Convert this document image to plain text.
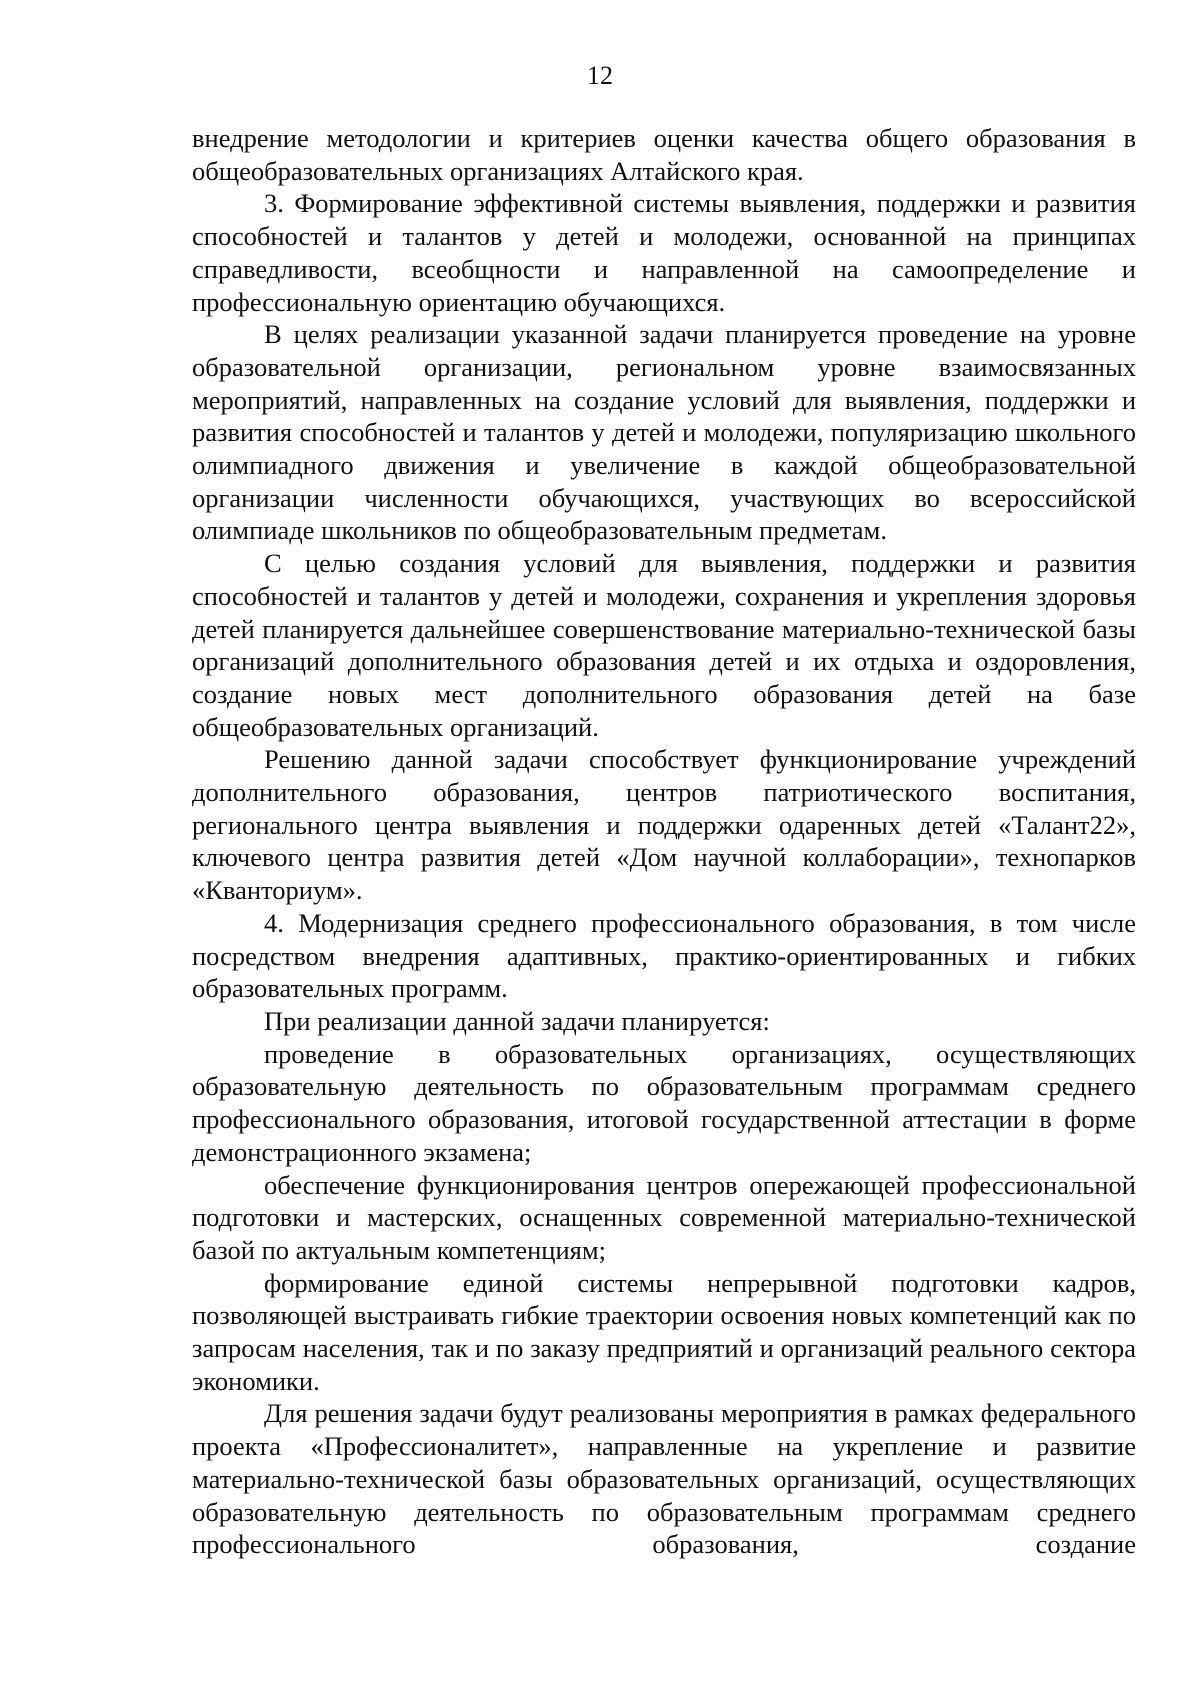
12

внедрение методологии и критериев оценки качества общего образования в общеобразовательных организациях Алтайского края.

3. Формирование эффективной системы выявления, поддержки и развития способностей и талантов у детей и молодежи, основанной на принципах справедливости, всеобщности и направленной на самоопределение и профессиональную ориентацию обучающихся.

В целях реализации указанной задачи планируется проведение на уровне образовательной организации, региональном уровне взаимосвязанных мероприятий, направленных на создание условий для выявления, поддержки и развития способностей и талантов у детей и молодежи, популяризацию школьного олимпиадного движения и увеличение в каждой общеобразовательной организации численности обучающихся, участвующих во всероссийской олимпиаде школьников по общеобразовательным предметам.

С целью создания условий для выявления, поддержки и развития способностей и талантов у детей и молодежи, сохранения и укрепления здоровья детей планируется дальнейшее совершенствование материально-технической базы организаций дополнительного образования детей и их отдыха и оздоровления, создание новых мест дополнительного образования детей на базе общеобразовательных организаций.

Решению данной задачи способствует функционирование учреждений дополнительного образования, центров патриотического воспитания, регионального центра выявления и поддержки одаренных детей «Талант22», ключевого центра развития детей «Дом научной коллаборации», технопарков «Кванториум».

4. Модернизация среднего профессионального образования, в том числе посредством внедрения адаптивных, практико-ориентированных и гибких образовательных программ.

При реализации данной задачи планируется:

проведение в образовательных организациях, осуществляющих образовательную деятельность по образовательным программам среднего профессионального образования, итоговой государственной аттестации в форме демонстрационного экзамена;

обеспечение функционирования центров опережающей профессиональной подготовки и мастерских, оснащенных современной материально-технической базой по актуальным компетенциям;

формирование единой системы непрерывной подготовки кадров, позволяющей выстраивать гибкие траектории освоения новых компетенций как по запросам населения, так и по заказу предприятий и организаций реального сектора экономики.

Для решения задачи будут реализованы мероприятия в рамках федерального проекта «Профессионалитет», направленные на укрепление и развитие материально-технической базы образовательных организаций, осуществляющих образовательную деятельность по образовательным программам среднего профессионального образования, создание
